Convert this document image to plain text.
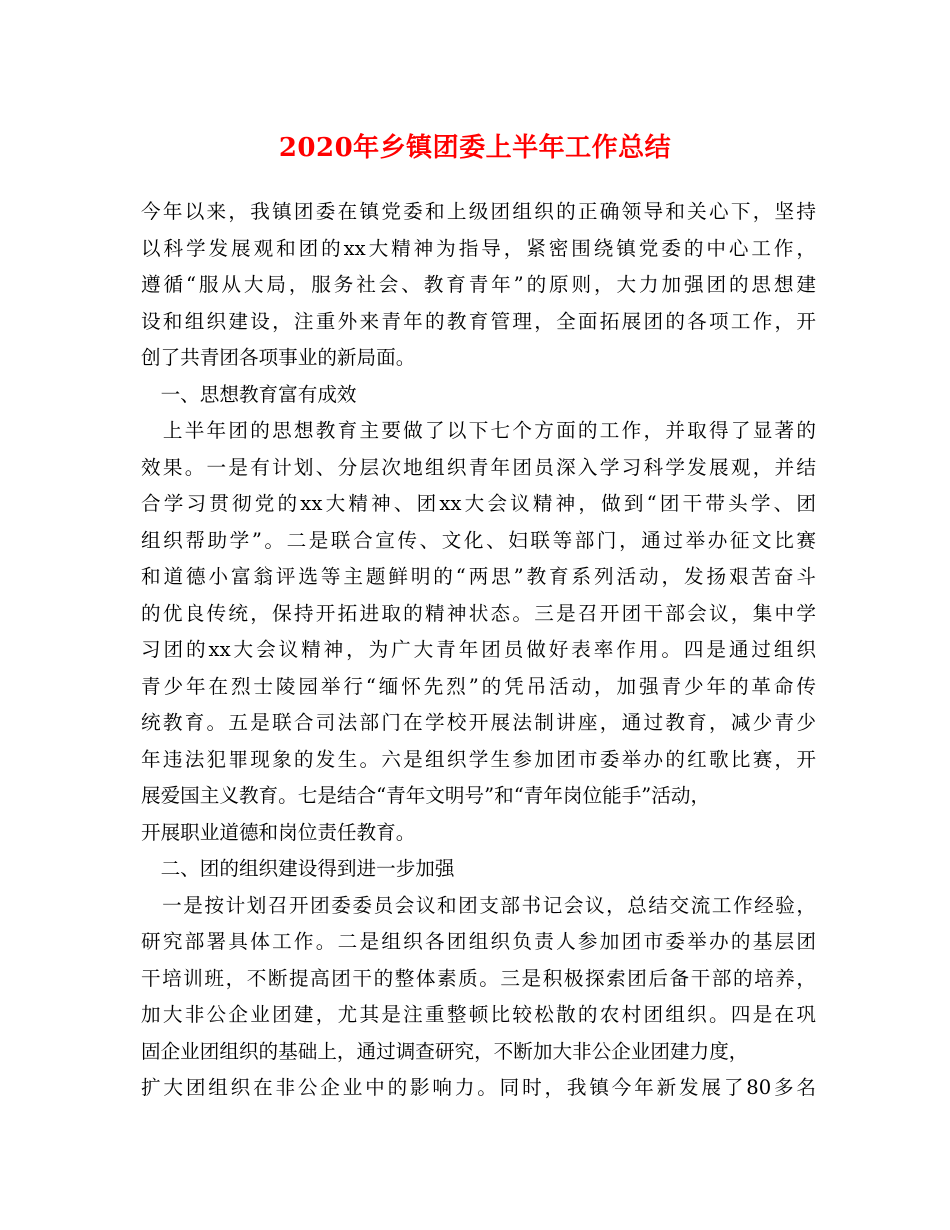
2020年乡镇团委上半年工作总结
今年以来，我镇团委在镇党委和上级团组织的正确领导和关心下，坚持
以科学发展观和团的xx大精神为指导，紧密围绕镇党委的中心工作，
遵循“服从大局，服务社会、教育青年”的原则，大力加强团的思想建
设和组织建设，注重外来青年的教育管理，全面拓展团的各项工作，开
创了共青团各项事业的新局面。
　一、思想教育富有成效
　上半年团的思想教育主要做了以下七个方面的工作，并取得了显著的
效果。一是有计划、分层次地组织青年团员深入学习科学发展观，并结
合学习贯彻党的xx大精神、团xx大会议精神，做到“团干带头学、团
组织帮助学”。二是联合宣传、文化、妇联等部门，通过举办征文比赛
和道德小富翁评选等主题鲜明的“两思”教育系列活动，发扬艰苦奋斗
的优良传统，保持开拓进取的精神状态。三是召开团干部会议，集中学
习团的xx大会议精神，为广大青年团员做好表率作用。四是通过组织
青少年在烈士陵园举行“缅怀先烈”的凭吊活动，加强青少年的革命传
统教育。五是联合司法部门在学校开展法制讲座，通过教育，减少青少
年违法犯罪现象的发生。六是组织学生参加团市委举办的红歌比赛，开
展爱国主义教育。七是结合“青年文明号”和“青年岗位能手”活动，
开展职业道德和岗位责任教育。
　二、团的组织建设得到进一步加强
　一是按计划召开团委委员会议和团支部书记会议，总结交流工作经验，
研究部署具体工作。二是组织各团组织负责人参加团市委举办的基层团
干培训班，不断提高团干的整体素质。三是积极探索团后备干部的培养，
加大非公企业团建，尤其是注重整顿比较松散的农村团组织。四是在巩
固企业团组织的基础上，通过调查研究，不断加大非公企业团建力度，
扩大团组织在非公企业中的影响力。同时，我镇今年新发展了80多名
